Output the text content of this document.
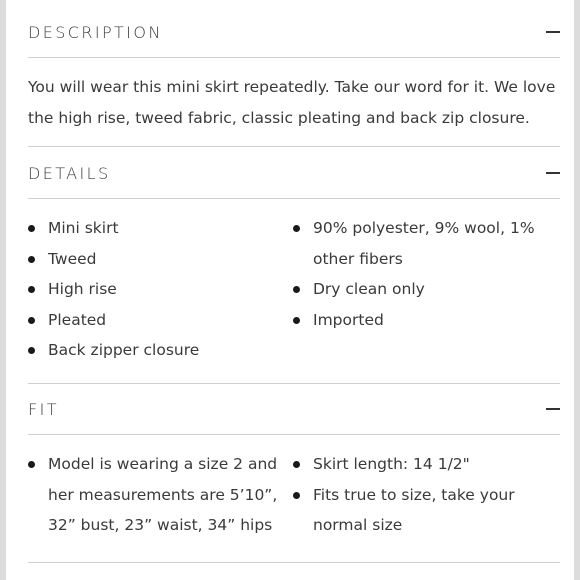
DESCRIPTION

You will wear this mini skirt repeatedly. Take our word for it. We love the high rise, tweed fabric, classic pleating and back zip closure.

DETAILS
Mini skirt
Tweed
High rise
Pleated
Back zipper closure
90% polyester, 9% wool, 1% other fibers
Dry clean only
Imported
FIT
Model is wearing a size 2 and her measurements are 5’10”, 32” bust, 23” waist, 34” hips
Skirt length: 14 1/2"
Fits true to size, take your normal size
